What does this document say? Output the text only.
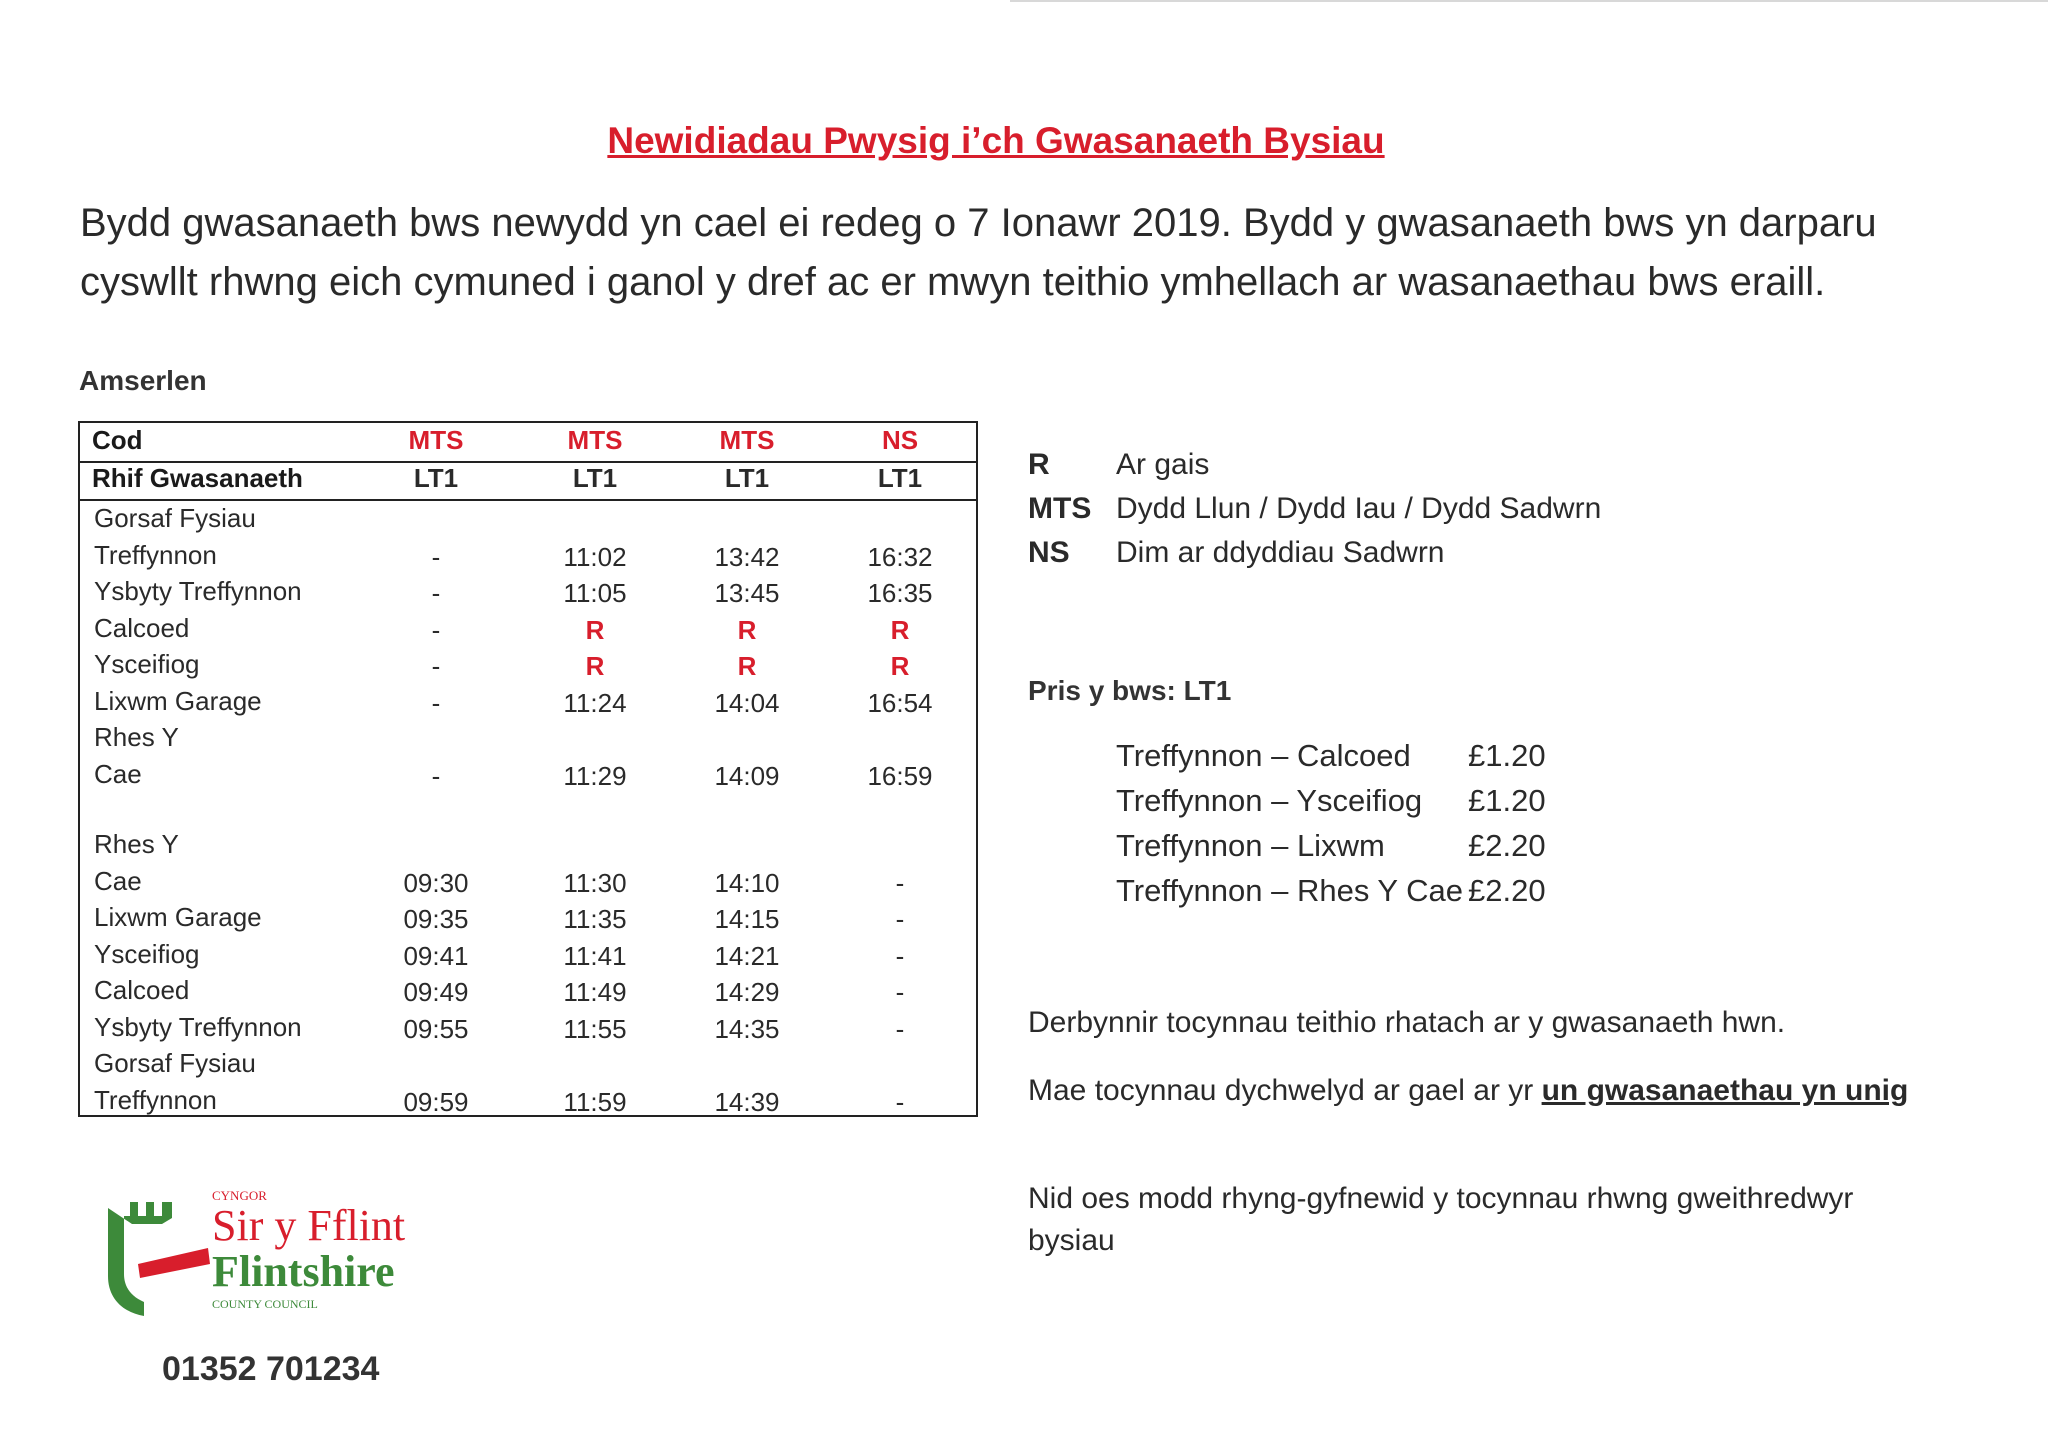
Newidiadau Pwysig i’ch Gwasanaeth Bysiau
Bydd gwasanaeth bws newydd yn cael ei redeg o 7 Ionawr 2019. Bydd y gwasanaeth bws yn darparu cyswllt rhwng eich cymuned i ganol y dref ac er mwyn teithio ymhellach ar wasanaethau bws eraill.
Amserlen
Cod	MTS	MTS	MTS	NS
Rhif Gwasanaeth	LT1	LT1	LT1	LT1
Gorsaf Fysiau
Treffynnon	-	11:02	13:42	16:32
Ysbyty Treffynnon	-	11:05	13:45	16:35
Calcoed	-	R	R	R
Ysceifiog	-	R	R	R
Lixwm Garage	-	11:24	14:04	16:54
Rhes Y
Cae	-	11:29	14:09	16:59
Rhes Y
Cae	09:30	11:30	14:10	-
Lixwm Garage	09:35	11:35	14:15	-
Ysceifiog	09:41	11:41	14:21	-
Calcoed	09:49	11:49	14:29	-
Ysbyty Treffynnon	09:55	11:55	14:35	-
Gorsaf Fysiau
Treffynnon	09:59	11:59	14:39	-
R Ar gais
MTS Dydd Llun / Dydd Iau / Dydd Sadwrn
NS Dim ar ddyddiau Sadwrn
Pris y bws: LT1
Treffynnon – Calcoed £1.20
Treffynnon – Ysceifiog £1.20
Treffynnon – Lixwm	£2.20
Treffynnon – Rhes Y Cae £2.20
Derbynnir tocynnau teithio rhatach ar y gwasanaeth hwn.
Mae tocynnau dychwelyd ar gael ar yr un gwasanaethau yn unig
Nid oes modd rhyng-gyfnewid y tocynnau rhwng gweithredwyr bysiau
CYNGOR
Sir y Fflint
Flintshire
COUNTY COUNCIL
01352 701234
